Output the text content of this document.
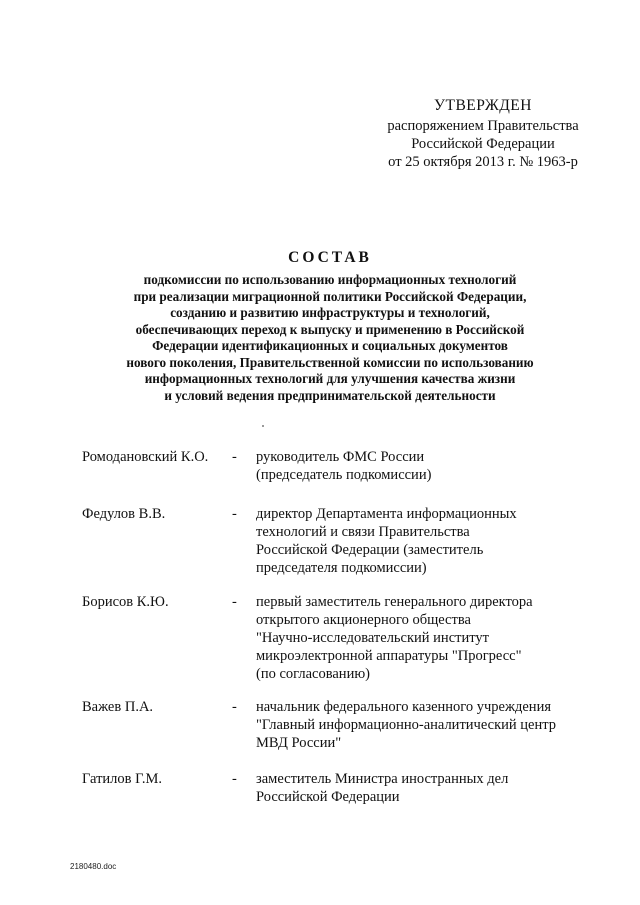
УТВЕРЖДЕН
распоряжением Правительства
Российской Федерации
от 25 октября 2013 г. № 1963-р
СОСТАВ
подкомиссии по использованию информационных технологий
при реализации миграционной политики Российской Федерации,
созданию и развитию инфраструктуры и технологий,
обеспечивающих переход к выпуску и применению в Российской
Федерации идентификационных и социальных документов
нового поколения, Правительственной комиссии по использованию
информационных технологий для улучшения качества жизни
и условий ведения предпринимательской деятельности
Ромодановский К.О. - руководитель ФМС России
(председатель подкомиссии)
Федулов В.В.	- директор Департамента информационных
технологий и связи Правительства
Российской Федерации (заместитель
председателя подкомиссии)
Борисов К.Ю.	- первый заместитель генерального директора
открытого акционерного общества
"Научно-исследовательский институт
микроэлектронной аппаратуры "Прогресс"
(по согласованию)
Важев П.А.	- начальник федерального казенного учреждения
"Главный информационно-аналитический центр
МВД России"
Гатилов Г.М.	- заместитель Министра иностранных дел
Российской Федерации
2180480.doc
